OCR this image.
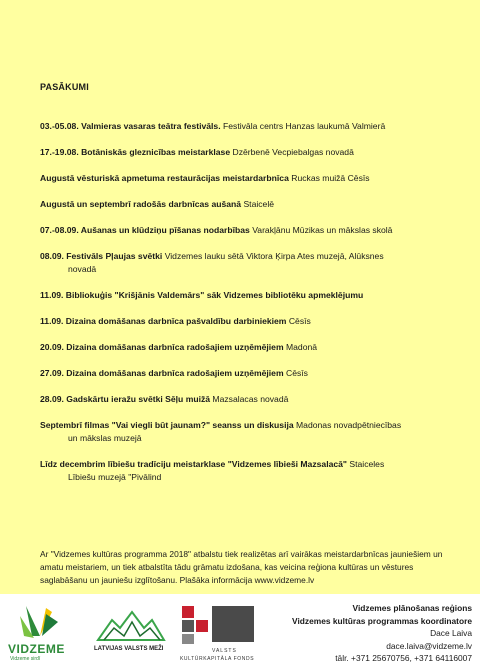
PASĀKUMI
03.-05.08. Valmieras vasaras teātra festivāls. Festivāla centrs Hanzas laukumā Valmierā
17.-19.08. Botāniskās gleznicības meistarklase Dzērbenē Vecpiebalgas novadā
Augustā vēsturiskā apmetuma restaurācijas meistardarbnīca Ruckas muižā Cēsīs
Augustā un septembrī radošās darbnīcas aušanā Staicelē
07.-08.09. Aušanas un klūdziņu pīšanas nodarbības Varakļānu Mūzikas un mākslas skolā
08.09. Festivāls Pļaujas svētki Vidzemes lauku sētā Viktora Ķirpa Ates muzejā, Alūksnes
novadā
11.09. Bibliokuģis "Krišjānis Valdemārs" sāk Vidzemes bibliotēku apmeklējumu
11.09. Dizaina domāšanas darbnīca pašvaldību darbiniekiem Cēsīs
20.09. Dizaina domāšanas darbnīca radošajiem uzņēmējiem Madonā
27.09. Dizaina domāšanas darbnīca radošajiem uzņēmējiem Cēsīs
28.09. Gadskārtu ieražu svētki Sēļu muižā Mazsalacas novadā
Septembrī filmas "Vai viegli būt jaunam?" seanss un diskusija Madonas novadpētniecības
un mākslas muzejā
Līdz decembrim lībiešu tradīciju meistarklase "Vidzemes lībieši Mazsalacā" Staiceles
Lībiešu muzejā "Pivālind
Ar "Vidzemes kultūras programma 2018" atbalstu tiek realizētas arī vairākas meistardarbnīcas jauniešiem un amatu meistariem, un tiek atbalstīta tādu grāmatu izdošana, kas veicina reģiona kultūras un vēstures saglabāšanu un jauniešu izglītošanu. Plašāka informācija www.vidzeme.lv
VIDZEME
Vidzeme sirdī
LATVIJAS VALSTS MEŽI	VALSTS
KULTŪRKAPITĀLA FONDS
Vidzemes plānošanas reģions
Vidzemes kultūras programmas koordinatore
Dace Laiva
dace.laiva@vidzeme.lv
tālr. +371 25670756, +371 64116007
